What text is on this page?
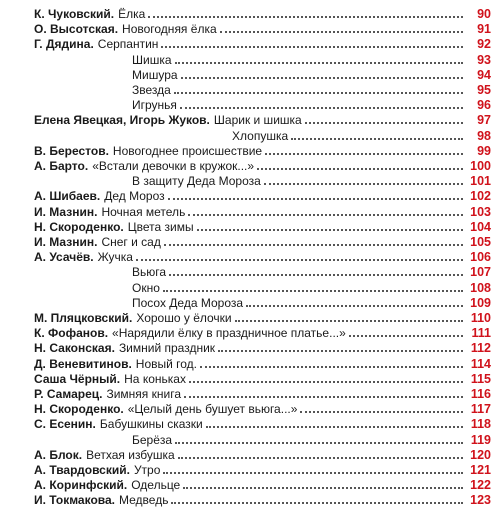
К. Чуковский. Ёлка	90
О. Высотская. Новогодняя ёлка	91
Г. Дядина. Серпантин	92
Шишка	93
Мишура	94
Звезда	95
Игрунья	96
Елена Явецкая, Игорь Жуков. Шарик и шишка	97
Хлопушка	98
В. Берестов. Новогоднее происшествие	99
А. Барто. «Встали девочки в кружок...»	100
В защиту Деда Мороза	101
А. Шибаев. Дед Мороз	102
И. Мазнин. Ночная метель	103
Н. Скороденко. Цвета зимы	104
И. Мазнин. Снег и сад	105
А. Усачёв. Жучка	106
Вьюга	107
Окно	108
Посох Деда Мороза	109
М. Пляцковский. Хорошо у ёлочки	110
К. Фофанов. «Нарядили ёлку в праздничное платье...»	111
Н. Саконская. Зимний праздник	112
Д. Веневитинов. Новый год.	114
Саша Чёрный. На коньках	115
Р. Самарец. Зимняя книга	116
Н. Скороденко. «Целый день бушует вьюга...»	117
С. Есенин. Бабушкины сказки	118
Берёза	119
А. Блок. Ветхая избушка	120
А. Твардовский. Утро	121
А. Коринфский. Одельце	122
И. Токмакова. Медведь	123
